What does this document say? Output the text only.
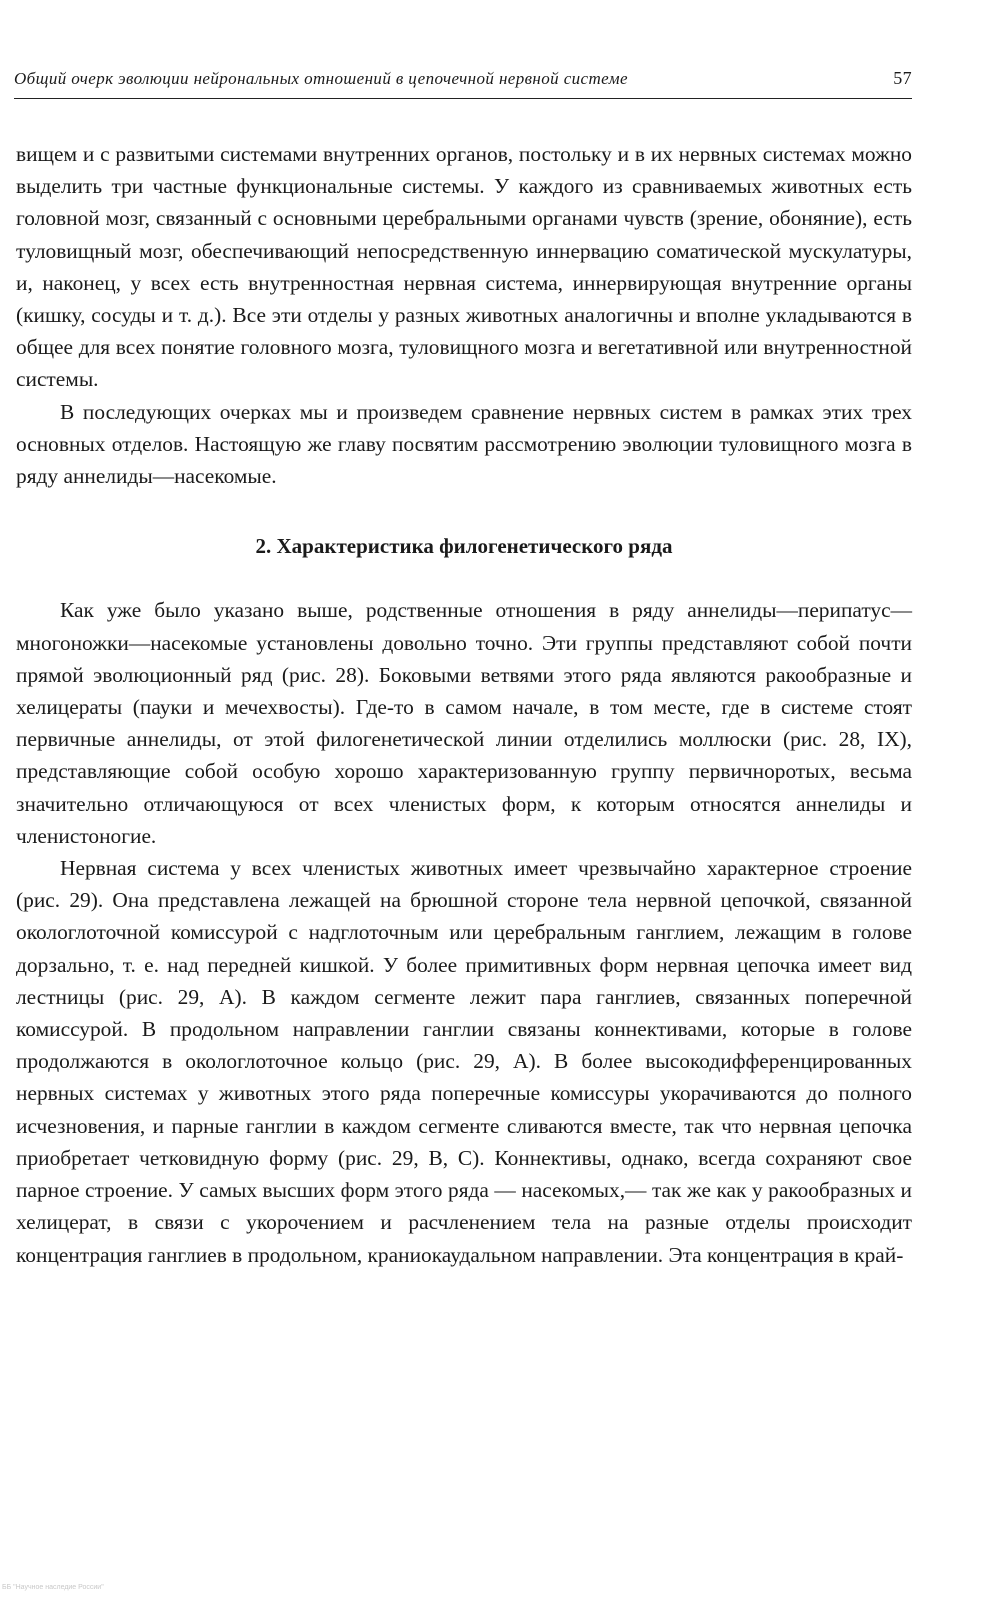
Общий очерк эволюции нейрональных отношений в цепочечной нервной системе	57

вищем и с развитыми системами внутренних органов, постольку и в их нервных системах можно выделить три частные функциональные системы. У каждого из сравниваемых животных есть головной мозг, связанный с основными церебральными органами чувств (зрение, обоняние), есть туловищный мозг, обеспечивающий непосредственную иннервацию соматической мускулатуры, и, наконец, у всех есть внутренностная нервная система, иннервирующая внутренние органы (кишку, сосуды и т. д.). Все эти отделы у разных животных аналогичны и вполне укладываются в общее для всех понятие головного мозга, туловищного мозга и вегетативной или внутренностной системы.

В последующих очерках мы и произведем сравнение нервных систем в рамках этих трех основных отделов. Настоящую же главу посвятим рассмотрению эволюции туловищного мозга в ряду аннелиды—насекомые.

2. Характеристика филогенетического ряда

Как уже было указано выше, родственные отношения в ряду аннелиды—перипатус—многоножки—насекомые установлены довольно точно. Эти группы представляют собой почти прямой эволюционный ряд (рис. 28). Боковыми ветвями этого ряда являются ракообразные и хелицераты (пауки и мечехвосты). Где-то в самом начале, в том месте, где в системе стоят первичные аннелиды, от этой филогенетической линии отделились моллюски (рис. 28, IX), представляющие собой особую хорошо характеризованную группу первичноротых, весьма значительно отличающуюся от всех членистых форм, к которым относятся аннелиды и членистоногие.

Нервная система у всех членистых животных имеет чрезвычайно характерное строение (рис. 29). Она представлена лежащей на брюшной стороне тела нервной цепочкой, связанной окологлоточной комиссурой с надглоточным или церебральным ганглием, лежащим в голове дорзально, т. е. над передней кишкой. У более примитивных форм нервная цепочка имеет вид лестницы (рис. 29, A). В каждом сегменте лежит пара ганглиев, связанных поперечной комиссурой. В продольном направлении ганглии связаны коннективами, которые в голове продолжаются в окологлоточное кольцо (рис. 29, A). В более высокодифференцированных нервных системах у животных этого ряда поперечные комиссуры укорачиваются до полного исчезновения, и парные ганглии в каждом сегменте сливаются вместе, так что нервная цепочка приобретает четковидную форму (рис. 29, B, C). Коннективы, однако, всегда сохраняют свое парное строение. У самых высших форм этого ряда — насекомых,— так же как у ракообразных и хелицерат, в связи с укорочением и расчленением тела на разные отделы происходит концентрация ганглиев в продольном, краниокаудальном направлении. Эта концентрация в край-

ББ "Научное наследие России"
